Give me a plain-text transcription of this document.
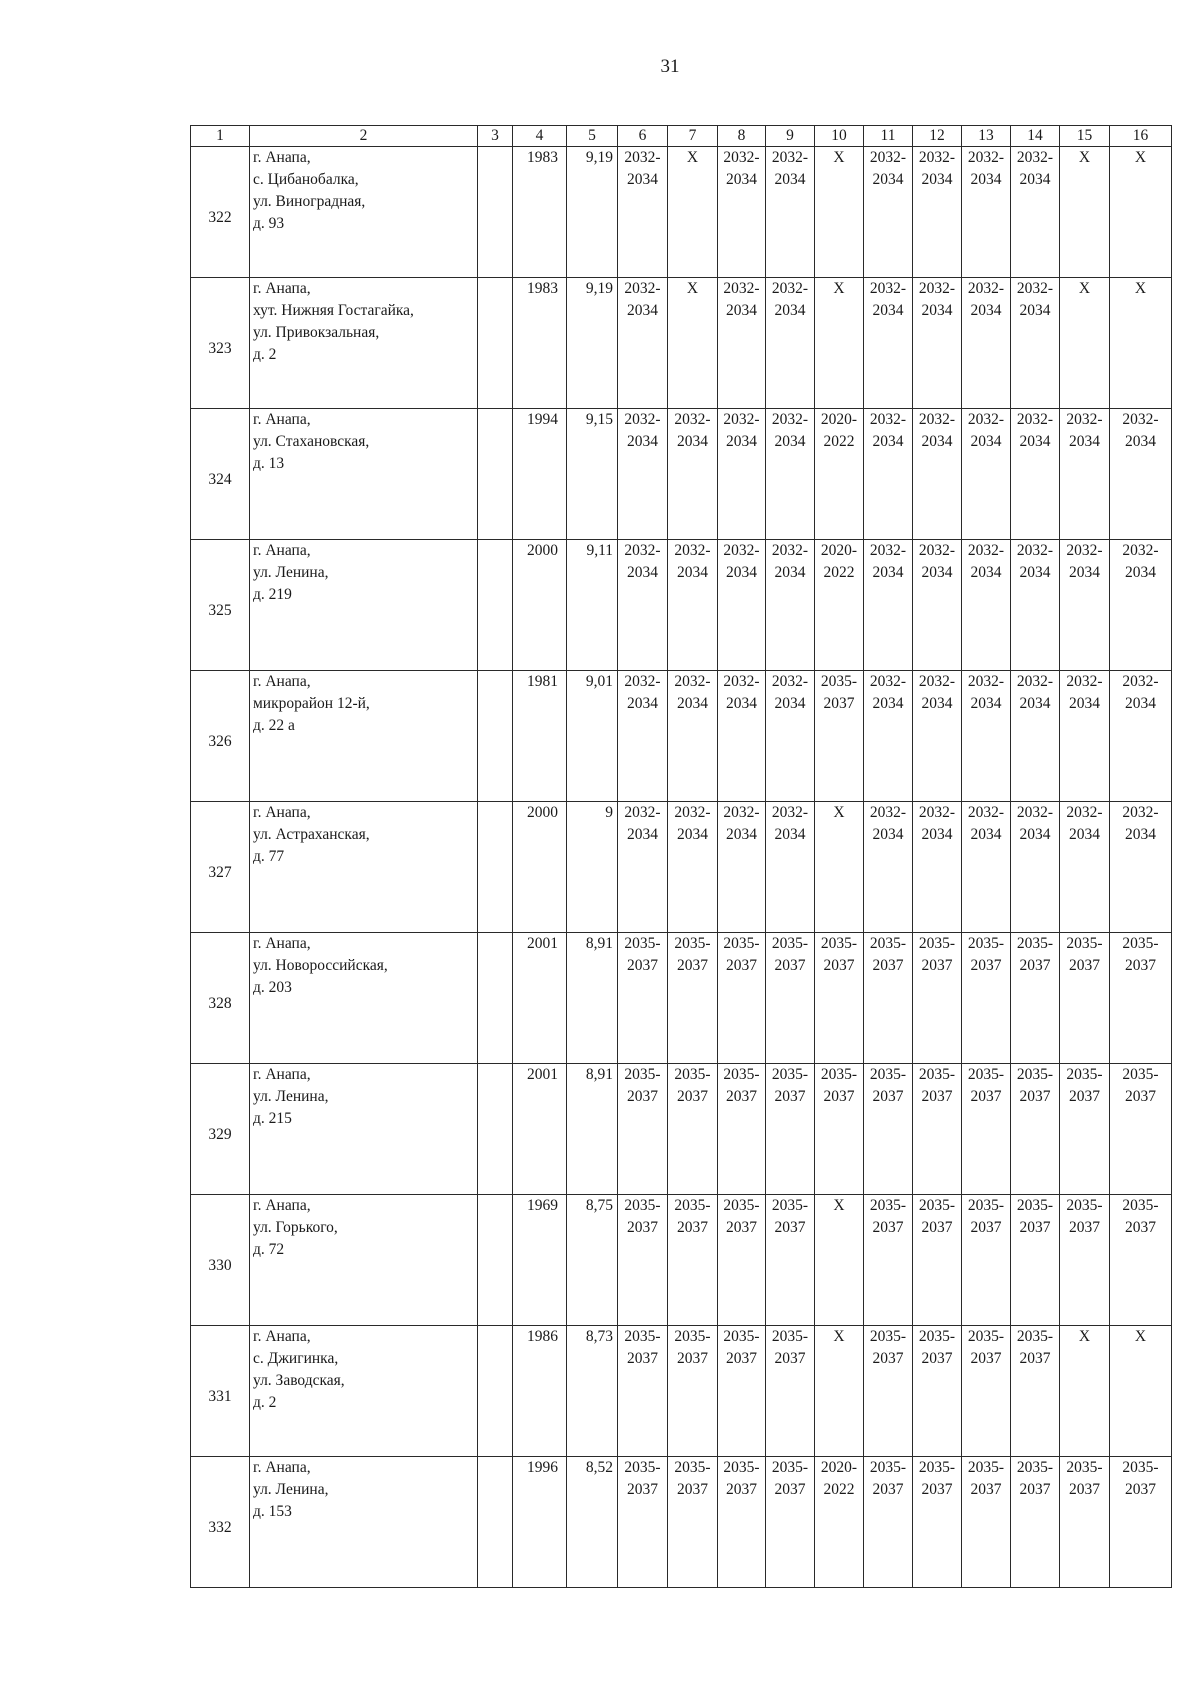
31
1	2	3	4	5	6	7	8	9	10	11	12	13	14	15	16
322	г. Анапа,
с. Цибанобалка,
ул. Виноградная,
д. 93		1983	9,19	2032-
2034	X	2032-
2034	2032-
2034	X	2032-
2034	2032-
2034	2032-
2034	2032-
2034	X	X
323	г. Анапа,
хут. Нижняя Гостагайка,
ул. Привокзальная,
д. 2		1983	9,19	2032-
2034	X	2032-
2034	2032-
2034	X	2032-
2034	2032-
2034	2032-
2034	2032-
2034	X	X
324	г. Анапа,
ул. Стахановская,
д. 13		1994	9,15	2032-
2034	2032-
2034	2032-
2034	2032-
2034	2020-
2022	2032-
2034	2032-
2034	2032-
2034	2032-
2034	2032-
2034	2032-
2034
325	г. Анапа,
ул. Ленина,
д. 219		2000	9,11	2032-
2034	2032-
2034	2032-
2034	2032-
2034	2020-
2022	2032-
2034	2032-
2034	2032-
2034	2032-
2034	2032-
2034	2032-
2034
326	г. Анапа,
микрорайон 12-й,
д. 22 а		1981	9,01	2032-
2034	2032-
2034	2032-
2034	2032-
2034	2035-
2037	2032-
2034	2032-
2034	2032-
2034	2032-
2034	2032-
2034	2032-
2034
327	г. Анапа,
ул. Астраханская,
д. 77		2000	9	2032-
2034	2032-
2034	2032-
2034	2032-
2034	X	2032-
2034	2032-
2034	2032-
2034	2032-
2034	2032-
2034	2032-
2034
328	г. Анапа,
ул. Новороссийская,
д. 203		2001	8,91	2035-
2037	2035-
2037	2035-
2037	2035-
2037	2035-
2037	2035-
2037	2035-
2037	2035-
2037	2035-
2037	2035-
2037	2035-
2037
329	г. Анапа,
ул. Ленина,
д. 215		2001	8,91	2035-
2037	2035-
2037	2035-
2037	2035-
2037	2035-
2037	2035-
2037	2035-
2037	2035-
2037	2035-
2037	2035-
2037	2035-
2037
330	г. Анапа,
ул. Горького,
д. 72		1969	8,75	2035-
2037	2035-
2037	2035-
2037	2035-
2037	X	2035-
2037	2035-
2037	2035-
2037	2035-
2037	2035-
2037	2035-
2037
331	г. Анапа,
с. Джигинка,
ул. Заводская,
д. 2		1986	8,73	2035-
2037	2035-
2037	2035-
2037	2035-
2037	X	2035-
2037	2035-
2037	2035-
2037	2035-
2037	X	X
332	г. Анапа,
ул. Ленина,
д. 153		1996	8,52	2035-
2037	2035-
2037	2035-
2037	2035-
2037	2020-
2022	2035-
2037	2035-
2037	2035-
2037	2035-
2037	2035-
2037	2035-
2037
